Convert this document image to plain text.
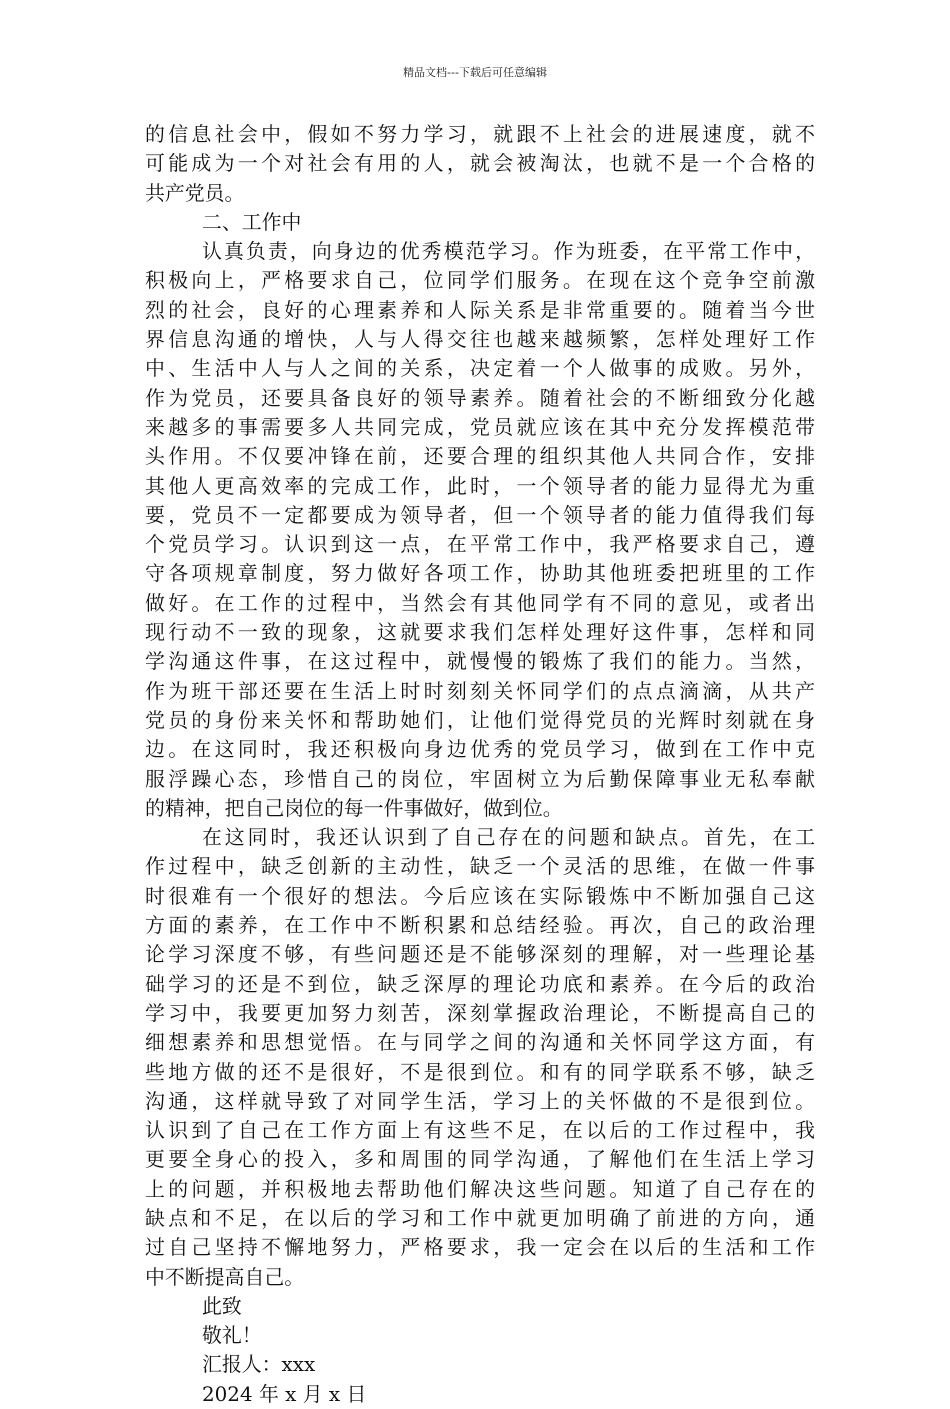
精品文档---下载后可任意编辑
的信息社会中，假如不努力学习，就跟不上社会的进展速度，就不
可能成为一个对社会有用的人，就会被淘汰，也就不是一个合格的
共产党员。
二、工作中
认真负责，向身边的优秀模范学习。作为班委，在平常工作中，
积极向上，严格要求自己，位同学们服务。在现在这个竞争空前激
烈的社会，良好的心理素养和人际关系是非常重要的。随着当今世
界信息沟通的增快，人与人得交往也越来越频繁，怎样处理好工作
中、生活中人与人之间的关系，决定着一个人做事的成败。另外，
作为党员，还要具备良好的领导素养。随着社会的不断细致分化越
来越多的事需要多人共同完成，党员就应该在其中充分发挥模范带
头作用。不仅要冲锋在前，还要合理的组织其他人共同合作，安排
其他人更高效率的完成工作，此时，一个领导者的能力显得尤为重
要，党员不一定都要成为领导者，但一个领导者的能力值得我们每
个党员学习。认识到这一点，在平常工作中，我严格要求自己，遵
守各项规章制度，努力做好各项工作，协助其他班委把班里的工作
做好。在工作的过程中，当然会有其他同学有不同的意见，或者出
现行动不一致的现象，这就要求我们怎样处理好这件事，怎样和同
学沟通这件事，在这过程中，就慢慢的锻炼了我们的能力。当然，
作为班干部还要在生活上时时刻刻关怀同学们的点点滴滴，从共产
党员的身份来关怀和帮助她们，让他们觉得党员的光辉时刻就在身
边。在这同时，我还积极向身边优秀的党员学习，做到在工作中克
服浮躁心态，珍惜自己的岗位，牢固树立为后勤保障事业无私奉献
的精神，把自己岗位的每一件事做好，做到位。
在这同时，我还认识到了自己存在的问题和缺点。首先，在工
作过程中，缺乏创新的主动性，缺乏一个灵活的思维，在做一件事
时很难有一个很好的想法。今后应该在实际锻炼中不断加强自己这
方面的素养，在工作中不断积累和总结经验。再次，自己的政治理
论学习深度不够，有些问题还是不能够深刻的理解，对一些理论基
础学习的还是不到位，缺乏深厚的理论功底和素养。在今后的政治
学习中，我要更加努力刻苦，深刻掌握政治理论，不断提高自己的
细想素养和思想觉悟。在与同学之间的沟通和关怀同学这方面，有
些地方做的还不是很好，不是很到位。和有的同学联系不够，缺乏
沟通，这样就导致了对同学生活，学习上的关怀做的不是很到位。
认识到了自己在工作方面上有这些不足，在以后的工作过程中，我
更要全身心的投入，多和周围的同学沟通，了解他们在生活上学习
上的问题，并积极地去帮助他们解决这些问题。知道了自己存在的
缺点和不足，在以后的学习和工作中就更加明确了前进的方向，通
过自己坚持不懈地努力，严格要求，我一定会在以后的生活和工作
中不断提高自己。
此致
敬礼！
汇报人：xxx
2024 年 x 月 x 日
